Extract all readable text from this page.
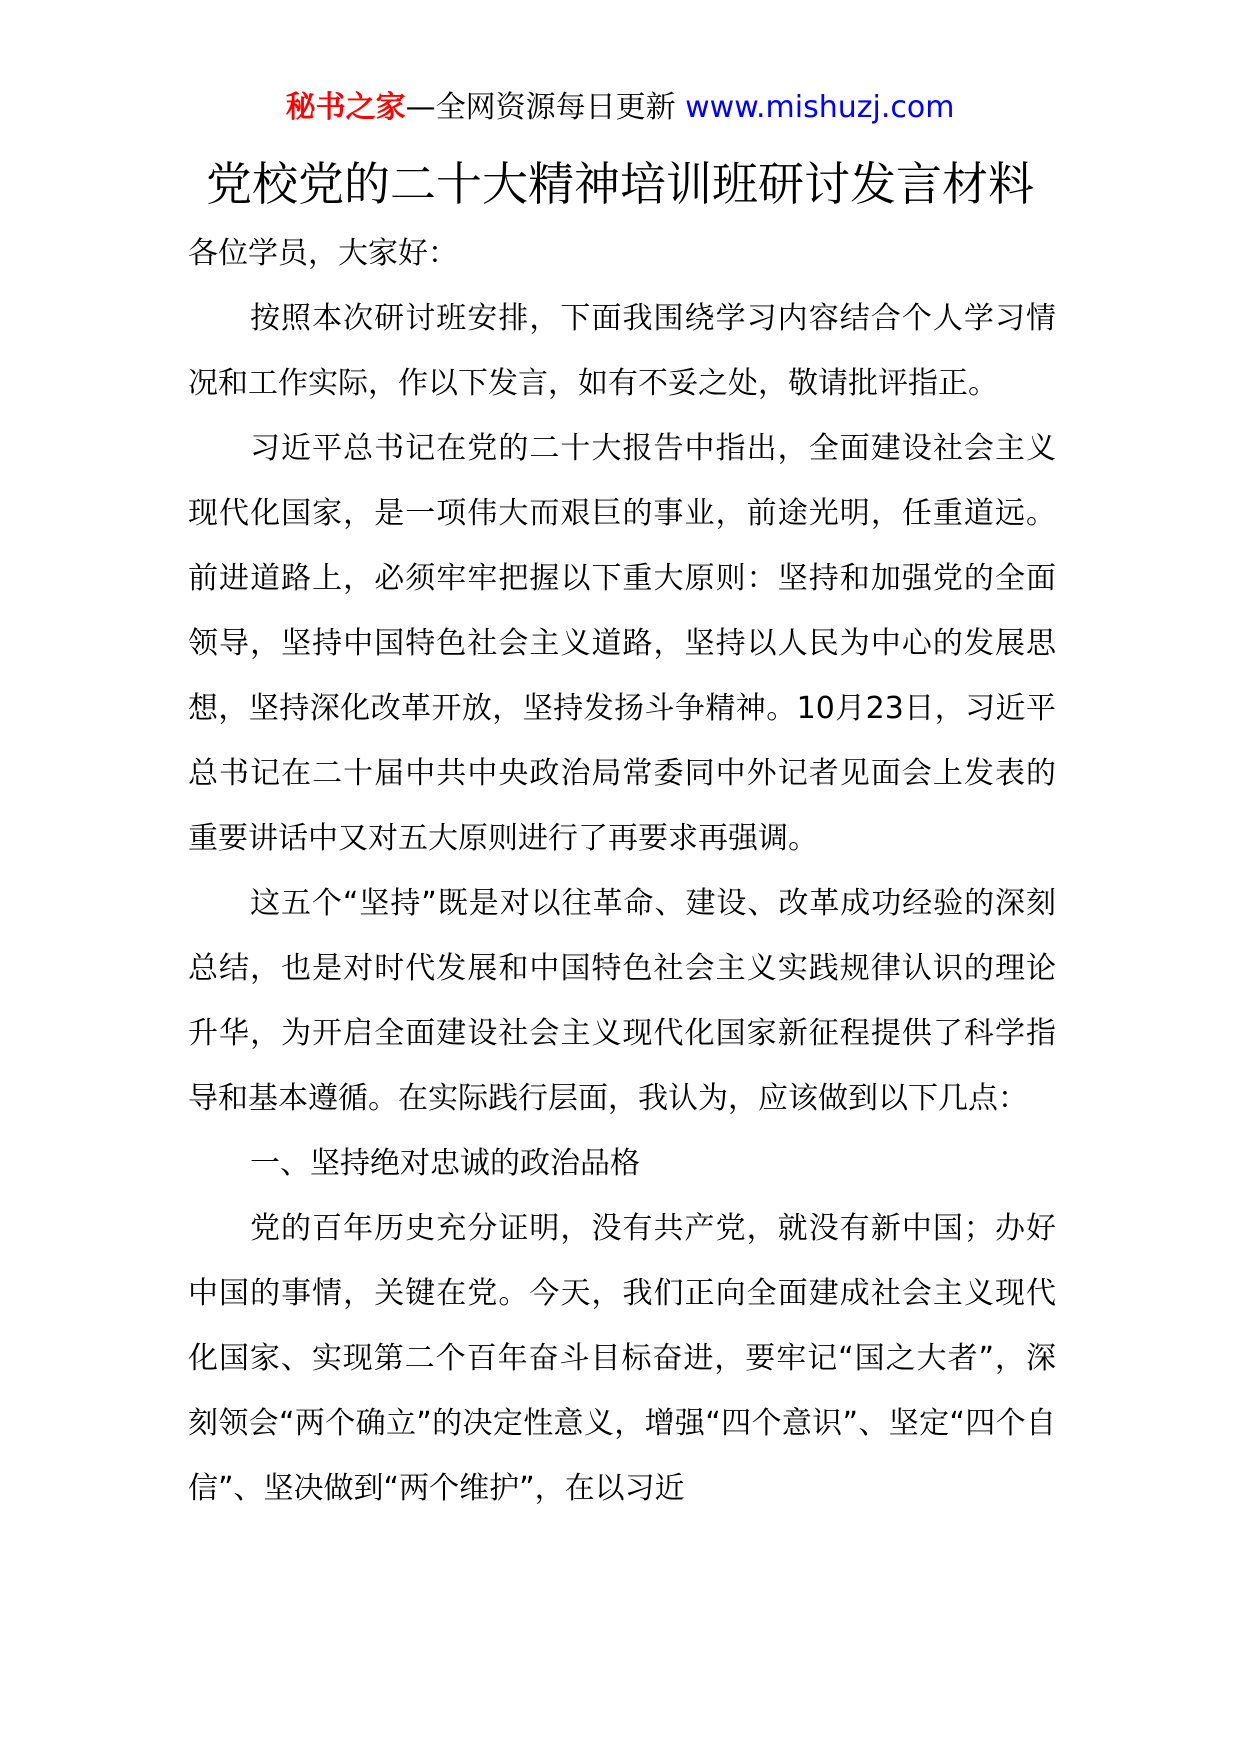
秘书之家—全网资源每日更新 www.mishuzj.com
党校党的二十大精神培训班研讨发言材料

各位学员，大家好：

按照本次研讨班安排，下面我围绕学习内容结合个人学习情况和工作实际，作以下发言，如有不妥之处，敬请批评指正。

习近平总书记在党的二十大报告中指出，全面建设社会主义现代化国家，是一项伟大而艰巨的事业，前途光明，任重道远。前进道路上，必须牢牢把握以下重大原则：坚持和加强党的全面领导，坚持中国特色社会主义道路，坚持以人民为中心的发展思想，坚持深化改革开放，坚持发扬斗争精神。10月23日，习近平总书记在二十届中共中央政治局常委同中外记者见面会上发表的重要讲话中又对五大原则进行了再要求再强调。

这五个“坚持”既是对以往革命、建设、改革成功经验的深刻总结，也是对时代发展和中国特色社会主义实践规律认识的理论升华，为开启全面建设社会主义现代化国家新征程提供了科学指导和基本遵循。在实际践行层面，我认为，应该做到以下几点：

一、坚持绝对忠诚的政治品格

党的百年历史充分证明，没有共产党，就没有新中国；办好中国的事情，关键在党。今天，我们正向全面建成社会主义现代化国家、实现第二个百年奋斗目标奋进，要牢记“国之大者”，深刻领会“两个确立”的决定性意义，增强“四个意识”、坚定“四个自信”、坚决做到“两个维护”，在以习近
